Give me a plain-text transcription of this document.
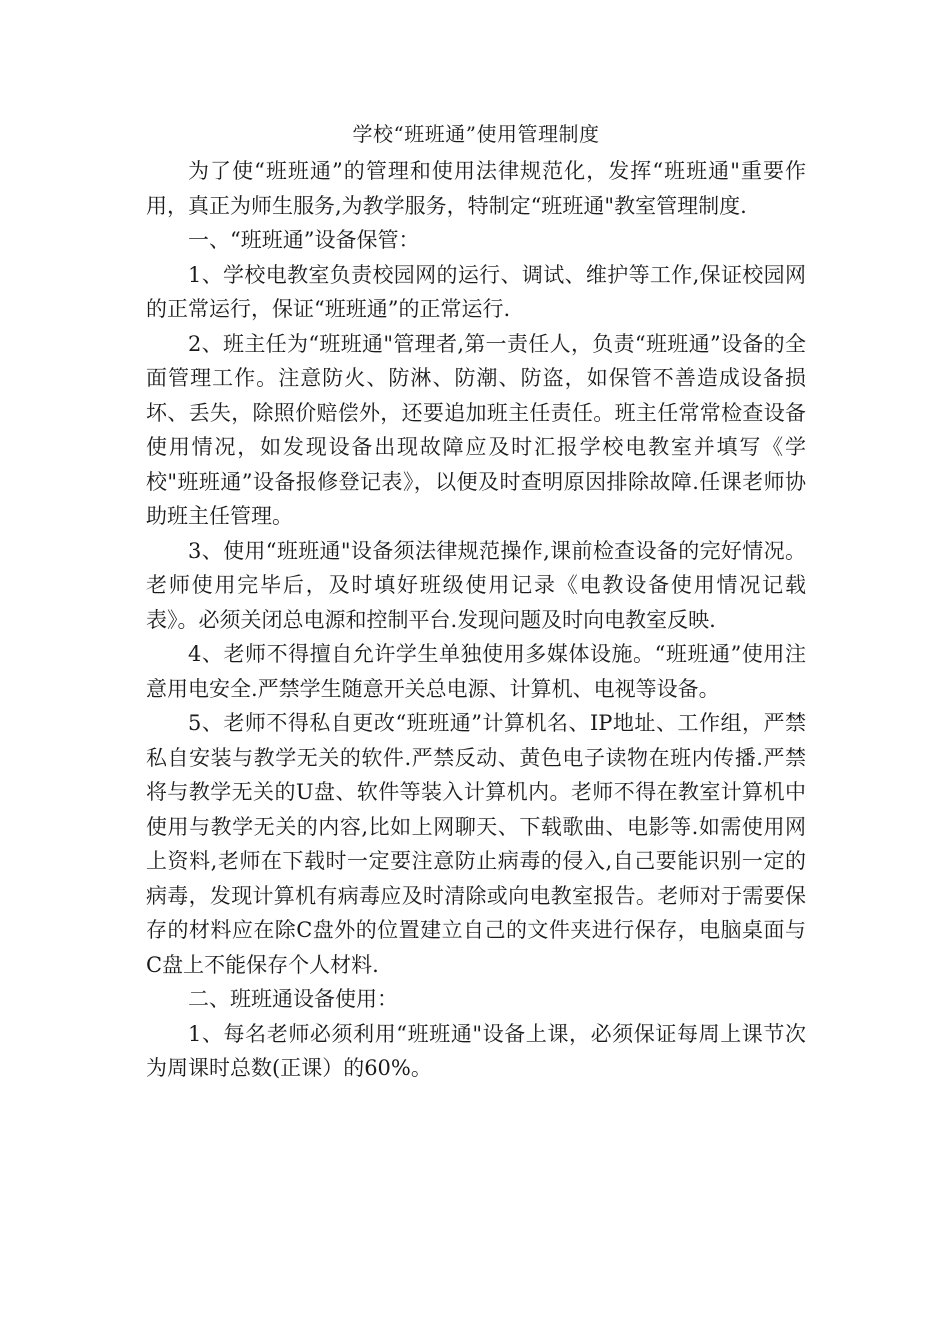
学校“班班通”使用管理制度

为了使“班班通”的管理和使用法律规范化，发挥“班班通"重要作用，真正为师生服务,为教学服务，特制定“班班通"教室管理制度.

一、“班班通”设备保管：

1、学校电教室负责校园网的运行、调试、维护等工作,保证校园网的正常运行，保证“班班通”的正常运行.

2、班主任为“班班通"管理者,第一责任人，负责“班班通”设备的全面管理工作。注意防火、防淋、防潮、防盗，如保管不善造成设备损坏、丢失，除照价赔偿外，还要追加班主任责任。班主任常常检查设备使用情况，如发现设备出现故障应及时汇报学校电教室并填写《学校"班班通”设备报修登记表》，以便及时查明原因排除故障.任课老师协助班主任管理。

3、使用“班班通"设备须法律规范操作,课前检查设备的完好情况。老师使用完毕后，及时填好班级使用记录《电教设备使用情况记载表》。必须关闭总电源和控制平台.发现问题及时向电教室反映.

4、老师不得擅自允许学生单独使用多媒体设施。“班班通”使用注意用电安全.严禁学生随意开关总电源、计算机、电视等设备。

5、老师不得私自更改“班班通”计算机名、IP地址、工作组，严禁私自安装与教学无关的软件.严禁反动、黄色电子读物在班内传播.严禁将与教学无关的U盘、软件等装入计算机内。老师不得在教室计算机中使用与教学无关的内容,比如上网聊天、下载歌曲、电影等.如需使用网上资料,老师在下载时一定要注意防止病毒的侵入,自己要能识别一定的病毒，发现计算机有病毒应及时清除或向电教室报告。老师对于需要保存的材料应在除C盘外的位置建立自己的文件夹进行保存，电脑桌面与C盘上不能保存个人材料.

二、班班通设备使用：

1、每名老师必须利用“班班通"设备上课，必须保证每周上课节次为周课时总数(正课）的60%。
